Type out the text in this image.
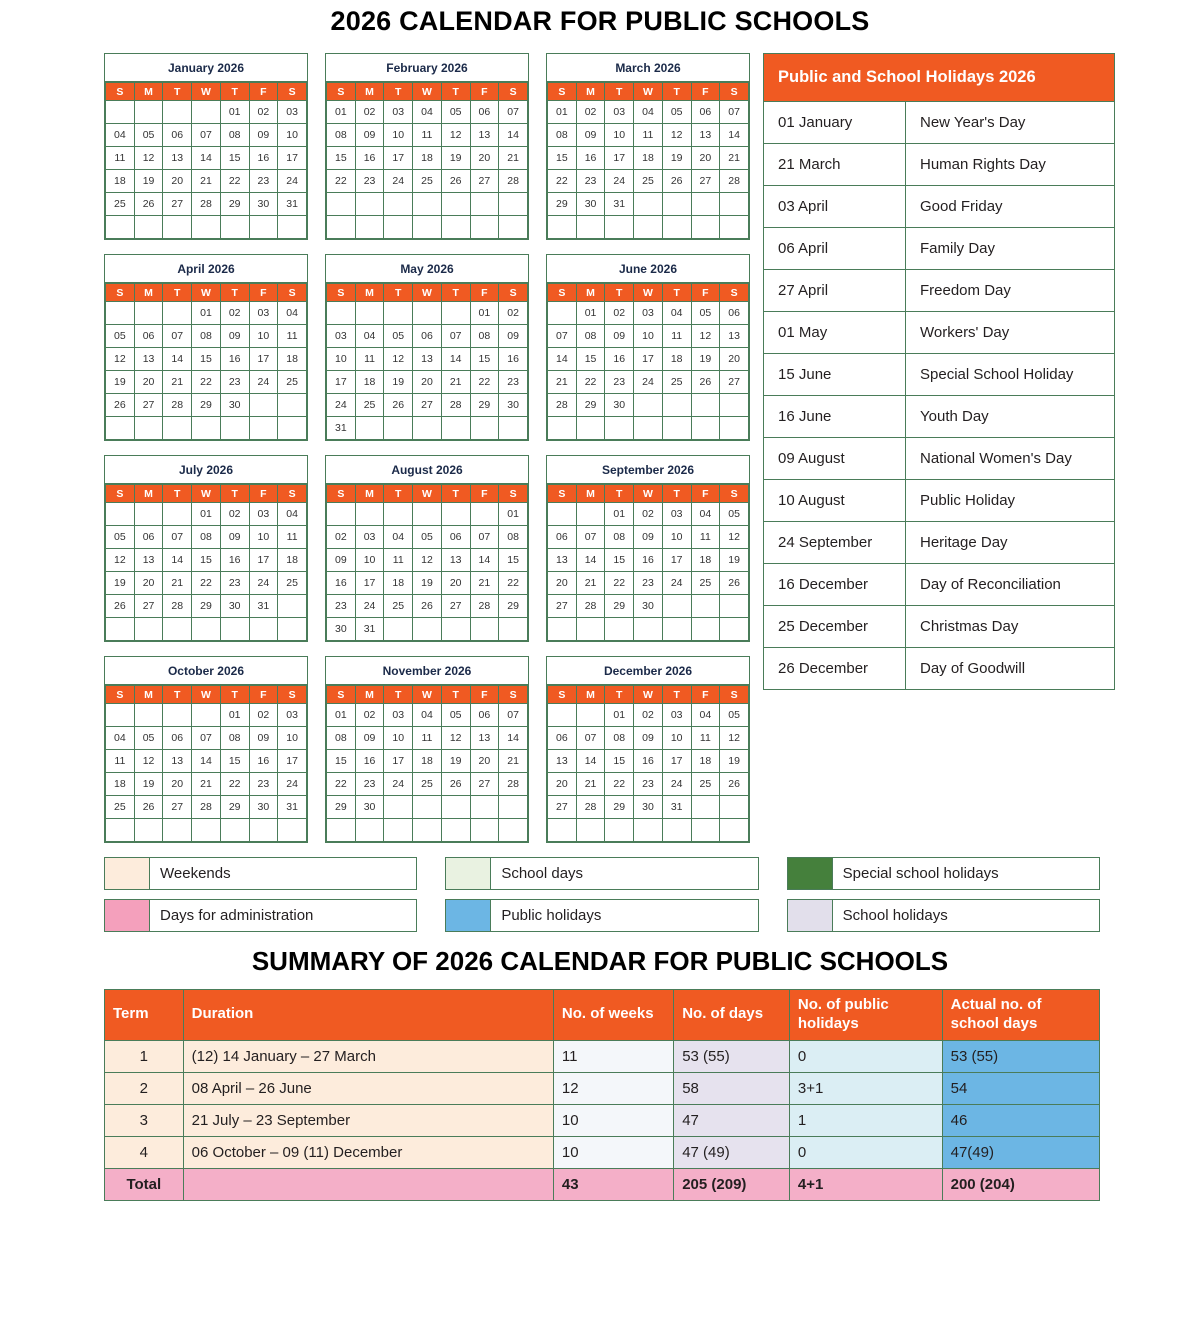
2026 CALENDAR FOR PUBLIC SCHOOLS
January 2026
S	M	T	W	T	F	S
				01	02	03
04	05	06	07	08	09	10
11	12	13	14	15	16	17
18	19	20	21	22	23	24
25	26	27	28	29	30	31

February 2026
S	M	T	W	T	F	S
01	02	03	04	05	06	07
08	09	10	11	12	13	14
15	16	17	18	19	20	21
22	23	24	25	26	27	28

March 2026
S	M	T	W	T	F	S
01	02	03	04	05	06	07
08	09	10	11	12	13	14
15	16	17	18	19	20	21
22	23	24	25	26	27	28
29	30	31				

April 2026
S	M	T	W	T	F	S
			01	02	03	04
05	06	07	08	09	10	11
12	13	14	15	16	17	18
19	20	21	22	23	24	25
26	27	28	29	30		

May 2026
S	M	T	W	T	F	S
					01	02
03	04	05	06	07	08	09
10	11	12	13	14	15	16
17	18	19	20	21	22	23
24	25	26	27	28	29	30
31						
June 2026
S	M	T	W	T	F	S
	01	02	03	04	05	06
07	08	09	10	11	12	13
14	15	16	17	18	19	20
21	22	23	24	25	26	27
28	29	30				

July 2026
S	M	T	W	T	F	S
			01	02	03	04
05	06	07	08	09	10	11
12	13	14	15	16	17	18
19	20	21	22	23	24	25
26	27	28	29	30	31	

August 2026
S	M	T	W	T	F	S
						01
02	03	04	05	06	07	08
09	10	11	12	13	14	15
16	17	18	19	20	21	22
23	24	25	26	27	28	29
30	31					
September 2026
S	M	T	W	T	F	S
		01	02	03	04	05
06	07	08	09	10	11	12
13	14	15	16	17	18	19
20	21	22	23	24	25	26
27	28	29	30			

October 2026
S	M	T	W	T	F	S
				01	02	03
04	05	06	07	08	09	10
11	12	13	14	15	16	17
18	19	20	21	22	23	24
25	26	27	28	29	30	31

November 2026
S	M	T	W	T	F	S
01	02	03	04	05	06	07
08	09	10	11	12	13	14
15	16	17	18	19	20	21
22	23	24	25	26	27	28
29	30					

December 2026
S	M	T	W	T	F	S
		01	02	03	04	05
06	07	08	09	10	11	12
13	14	15	16	17	18	19
20	21	22	23	24	25	26
27	28	29	30	31		

Public and School Holidays 2026
01 January	New Year's Day
21 March	Human Rights Day
03 April	Good Friday
06 April	Family Day
27 April	Freedom Day
01 May	Workers' Day
15 June	Special School Holiday
16 June	Youth Day
09 August	National Women's Day
10 August	Public Holiday
24 September	Heritage Day
16 December	Day of Reconciliation
25 December	Christmas Day
26 December	Day of Goodwill
Weekends	School days	Special school holidays
Days for administration	Public holidays	School holidays
SUMMARY OF 2026 CALENDAR FOR PUBLIC SCHOOLS
Term	Duration	No. of weeks	No. of days	No. of public holidays	Actual no. of school days
1	(12) 14 January – 27 March	11	53 (55)	0	53 (55)
2	08 April – 26 June	12	58	3+1	54
3	21 July – 23 September	10	47	1	46
4	06 October – 09 (11) December	10	47 (49)	0	47(49)
Total		43	205 (209)	4+1	200 (204)
